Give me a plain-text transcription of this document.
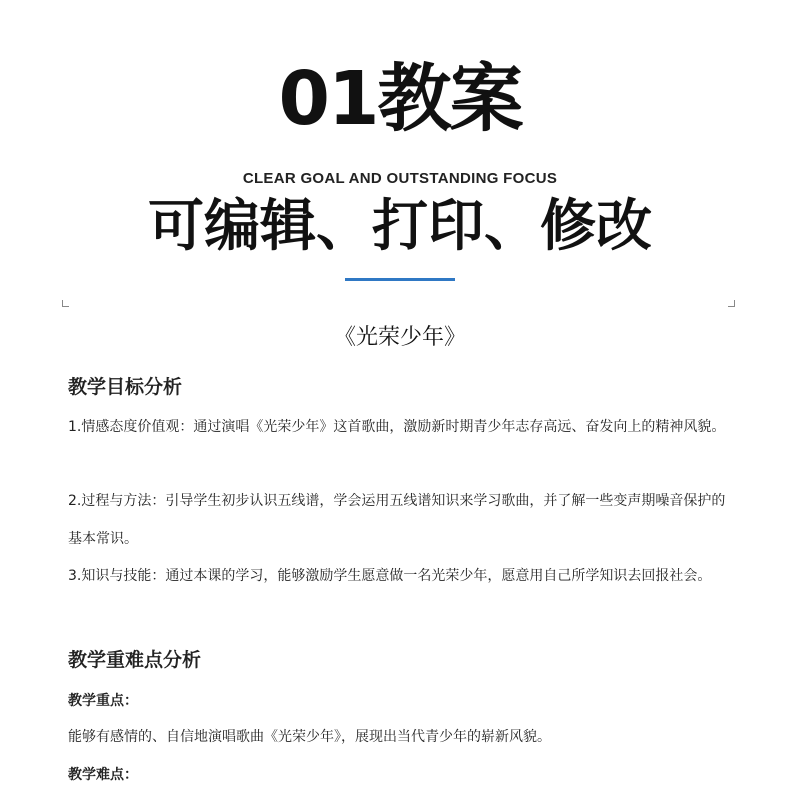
01教案
CLEAR GOAL AND OUTSTANDING FOCUS
可编辑、打印、修改
《光荣少年》
教学目标分析
1.情感态度价值观：通过演唱《光荣少年》这首歌曲，激励新时期青少年志存高远、奋发向上的精神风貌。
2.过程与方法：引导学生初步认识五线谱，学会运用五线谱知识来学习歌曲，并了解一些变声期噪音保护的基本常识。
3.知识与技能：通过本课的学习，能够激励学生愿意做一名光荣少年，愿意用自己所学知识去回报社会。
教学重难点分析
教学重点：
能够有感情的、自信地演唱歌曲《光荣少年》，展现出当代青少年的崭新风貌。
教学难点：
